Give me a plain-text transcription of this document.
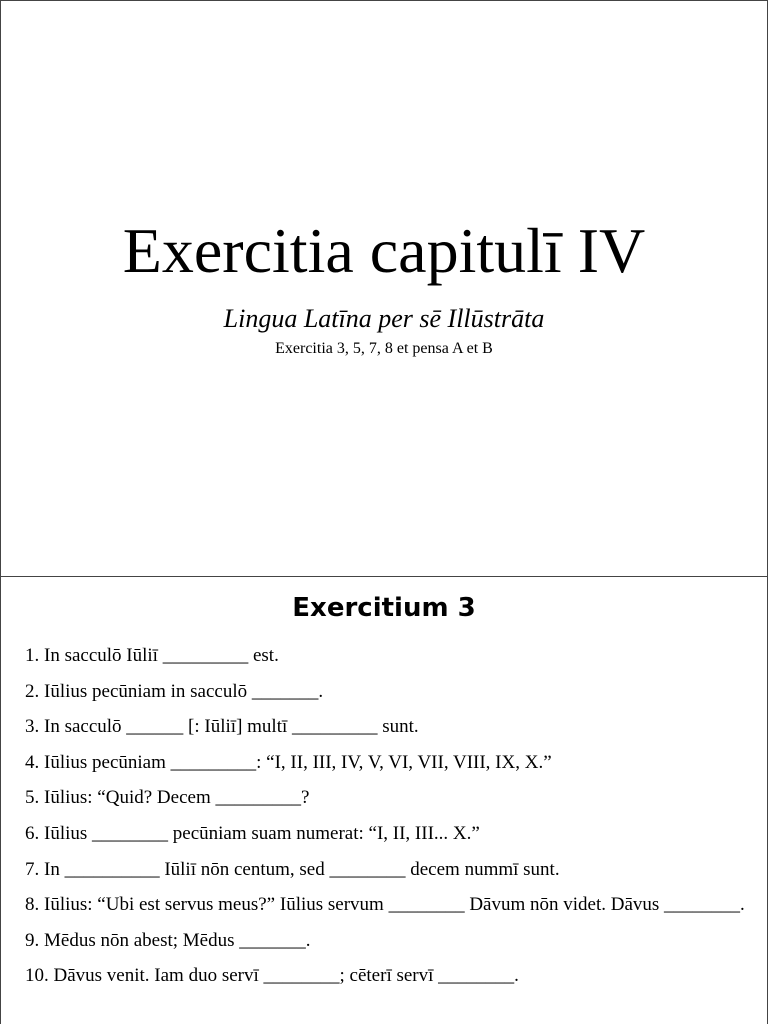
Exercitia capitulī IV
Lingua Latīna per sē Illūstrāta
Exercitia 3, 5, 7, 8 et pensa A et B
Exercitium 3
1. In sacculō Iūliī _________ est.
2. Iūlius pecūniam in sacculō _______.
3. In sacculō ______ [: Iūliī] multī _________ sunt.
4. Iūlius pecūniam _________: “I, II, III, IV, V, VI, VII, VIII, IX, X.”
5. Iūlius: “Quid? Decem _________?
6. Iūlius ________ pecūniam suam numerat: “I, II, III... X.”
7. In __________ Iūliī nōn centum, sed ________ decem nummī sunt.
8. Iūlius: “Ubi est servus meus?” Iūlius servum ________ Dāvum nōn videt. Dāvus ________.
9. Mēdus nōn abest; Mēdus _______.
10. Dāvus venit. Iam duo servī ________; cēterī servī ________.
